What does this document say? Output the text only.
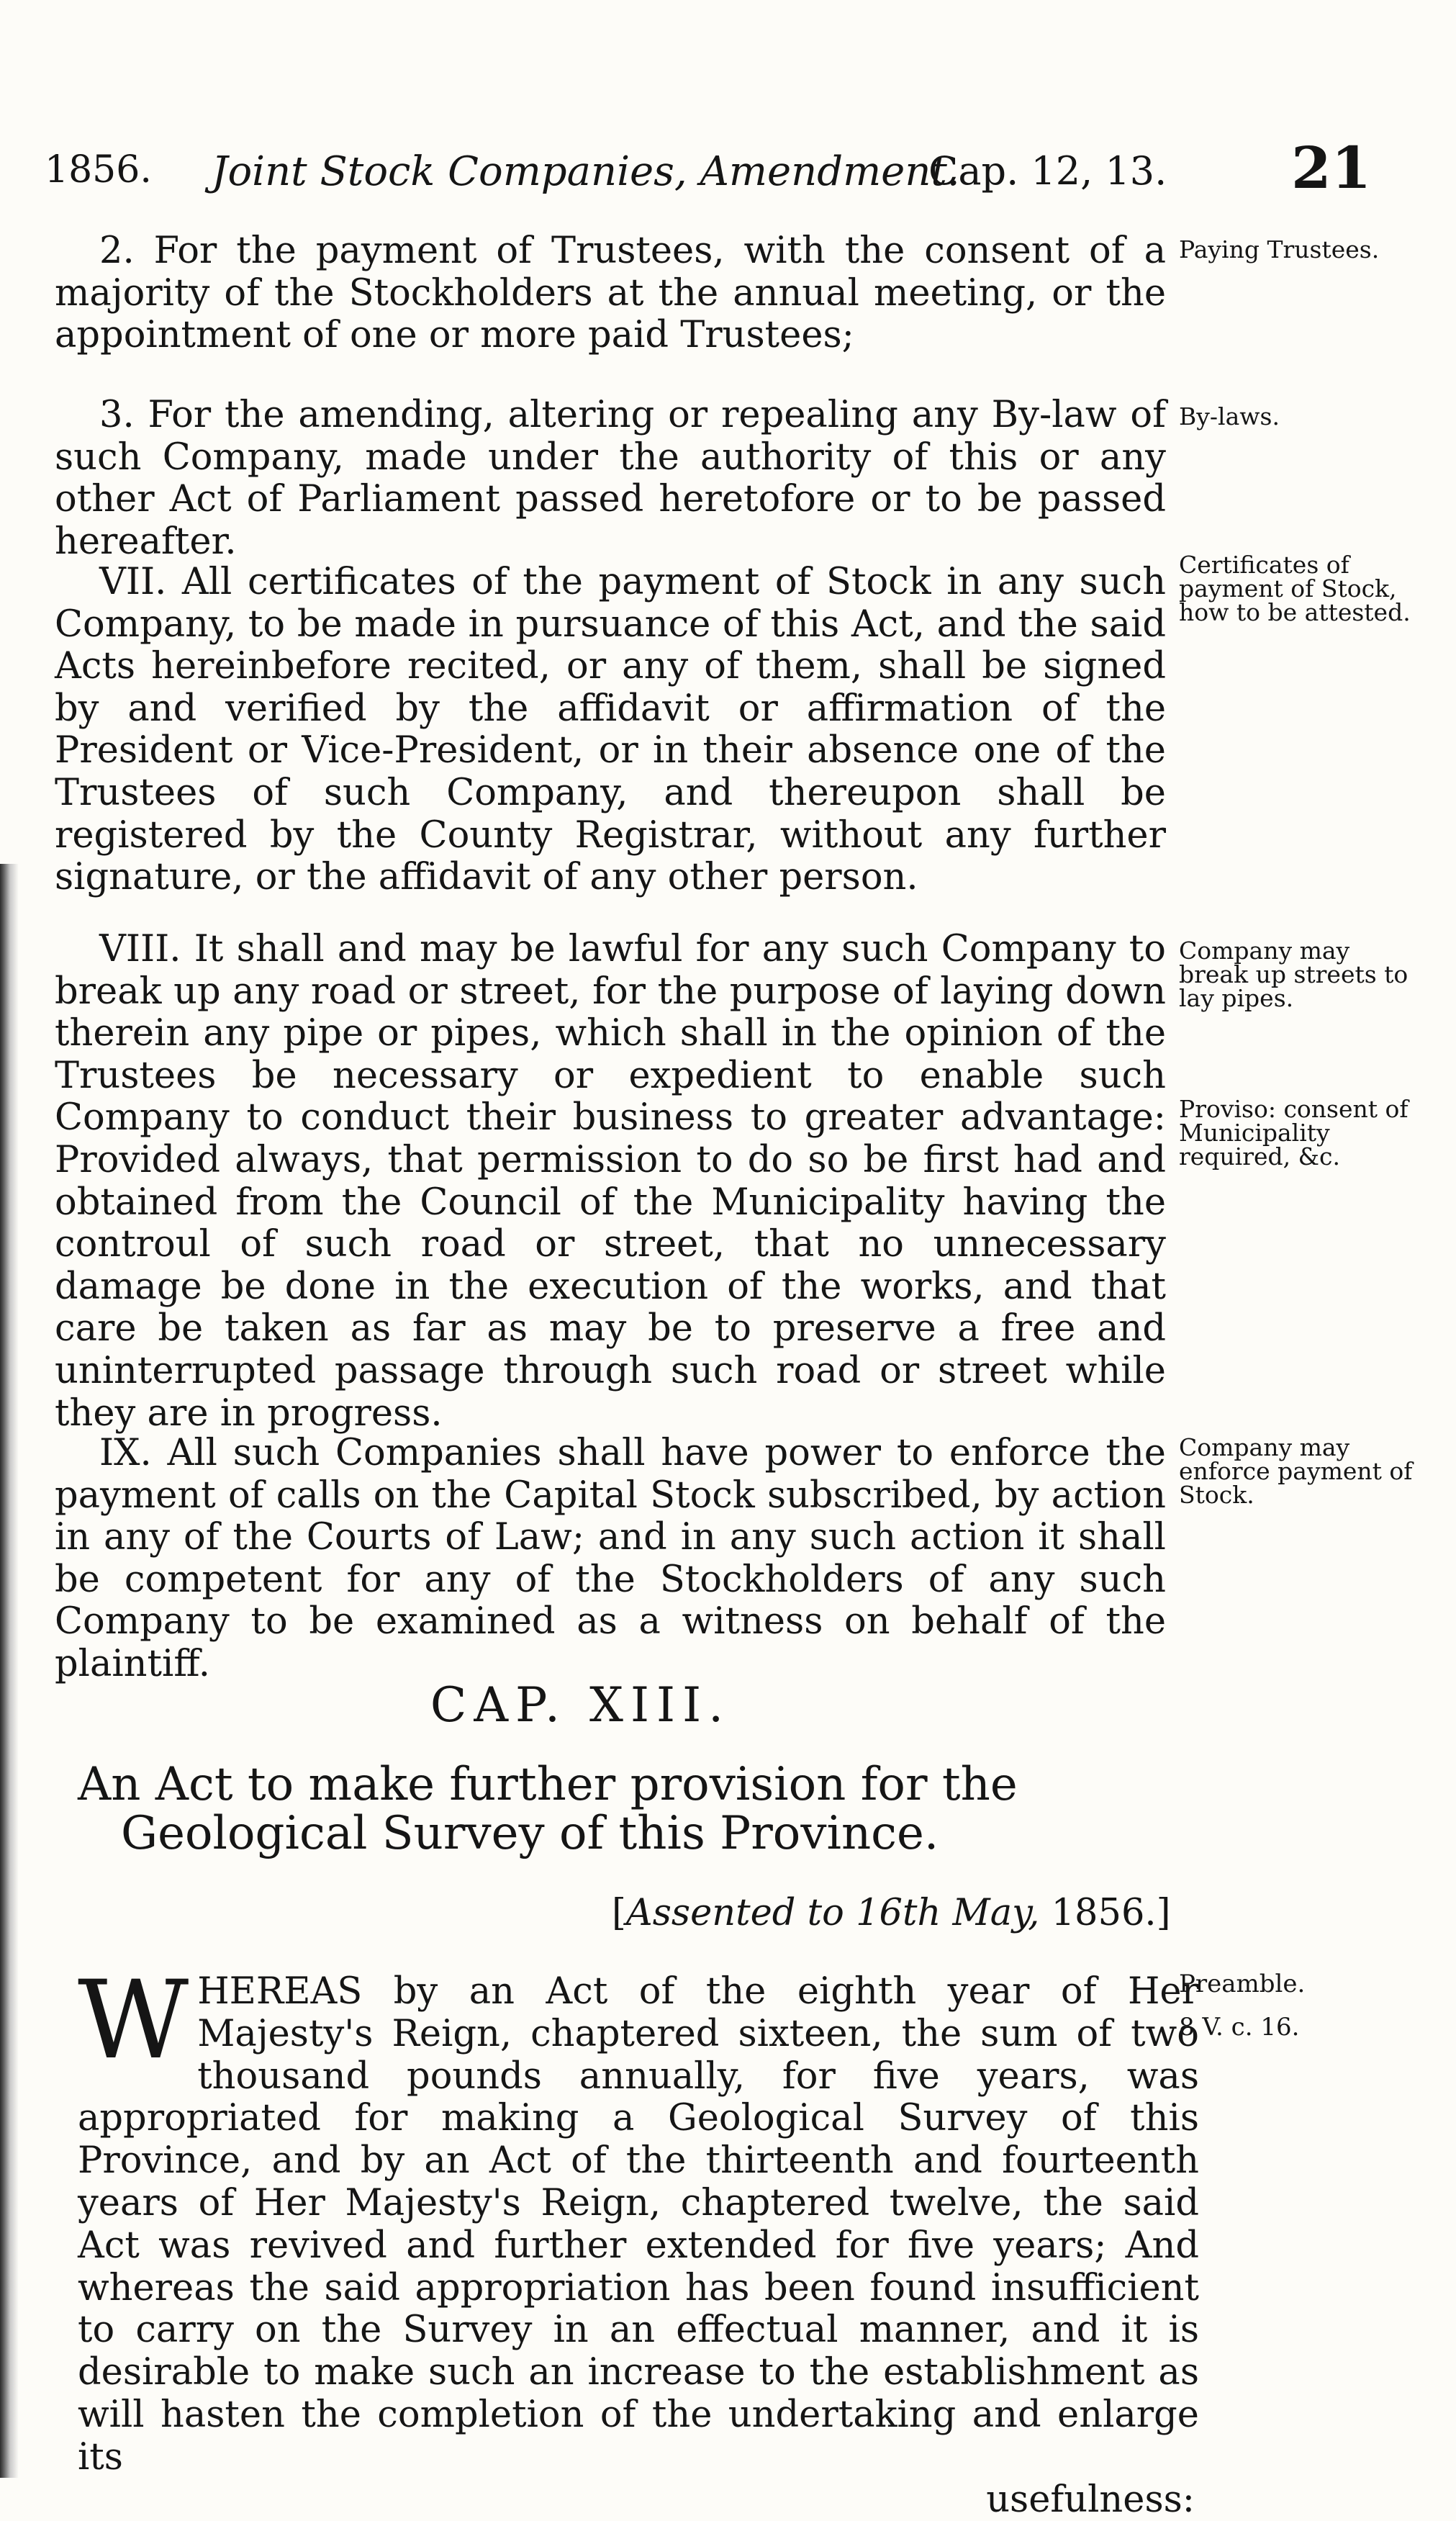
1856. Joint Stock Companies, Amendment.
Cap. 12, 13. 21
2. For the payment of Trustees, with the consent of a majority of the Stockholders at the annual meeting, or the appointment of one or more paid Trustees;
Paying Trustees.
3. For the amending, altering or repealing any By-law of such Company, made under the authority of this or any other Act of Parliament passed heretofore or to be passed hereafter.
By-laws.
VII. All certificates of the payment of Stock in any such Company, to be made in pursuance of this Act, and the said Acts hereinbefore recited, or any of them, shall be signed by and verified by the affidavit or affirmation of the President or Vice-President, or in their absence one of the Trustees of such Company, and thereupon shall be registered by the County Registrar, without any further signature, or the affidavit of any other person.
Certificates of payment of Stock, how to be attested.
VIII. It shall and may be lawful for any such Company to break up any road or street, for the purpose of laying down therein any pipe or pipes, which shall in the opinion of the Trustees be necessary or expedient to enable such Company to conduct their business to greater advantage: Provided always, that permission to do so be first had and obtained from the Council of the Municipality having the controul of such road or street, that no unnecessary damage be done in the execution of the works, and that care be taken as far as may be to preserve a free and uninterrupted passage through such road or street while they are in progress.
Company may break up streets to lay pipes.
Proviso: consent of Municipality required, &c.
IX. All such Companies shall have power to enforce the payment of calls on the Capital Stock subscribed, by action in any of the Courts of Law; and in any such action it shall be competent for any of the Stockholders of any such Company to be examined as a witness on behalf of the plaintiff.
Company may enforce payment of Stock.
CAP. XIII.
An Act to make further provision for the Geological Survey of this Province.
[Assented to 16th May, 1856.]
WHEREAS by an Act of the eighth year of Her Majesty's Reign, chaptered sixteen, the sum of two thousand pounds annually, for five years, was appropriated for making a Geological Survey of this Province, and by an Act of the thirteenth and fourteenth years of Her Majesty's Reign, chaptered twelve, the said Act was revived and further extended for five years; And whereas the said appropriation has been found insufficient to carry on the Survey in an effectual manner, and it is desirable to make such an increase to the establishment as will hasten the completion of the undertaking and enlarge its
usefulness:
Preamble.
8 V. c. 16.
